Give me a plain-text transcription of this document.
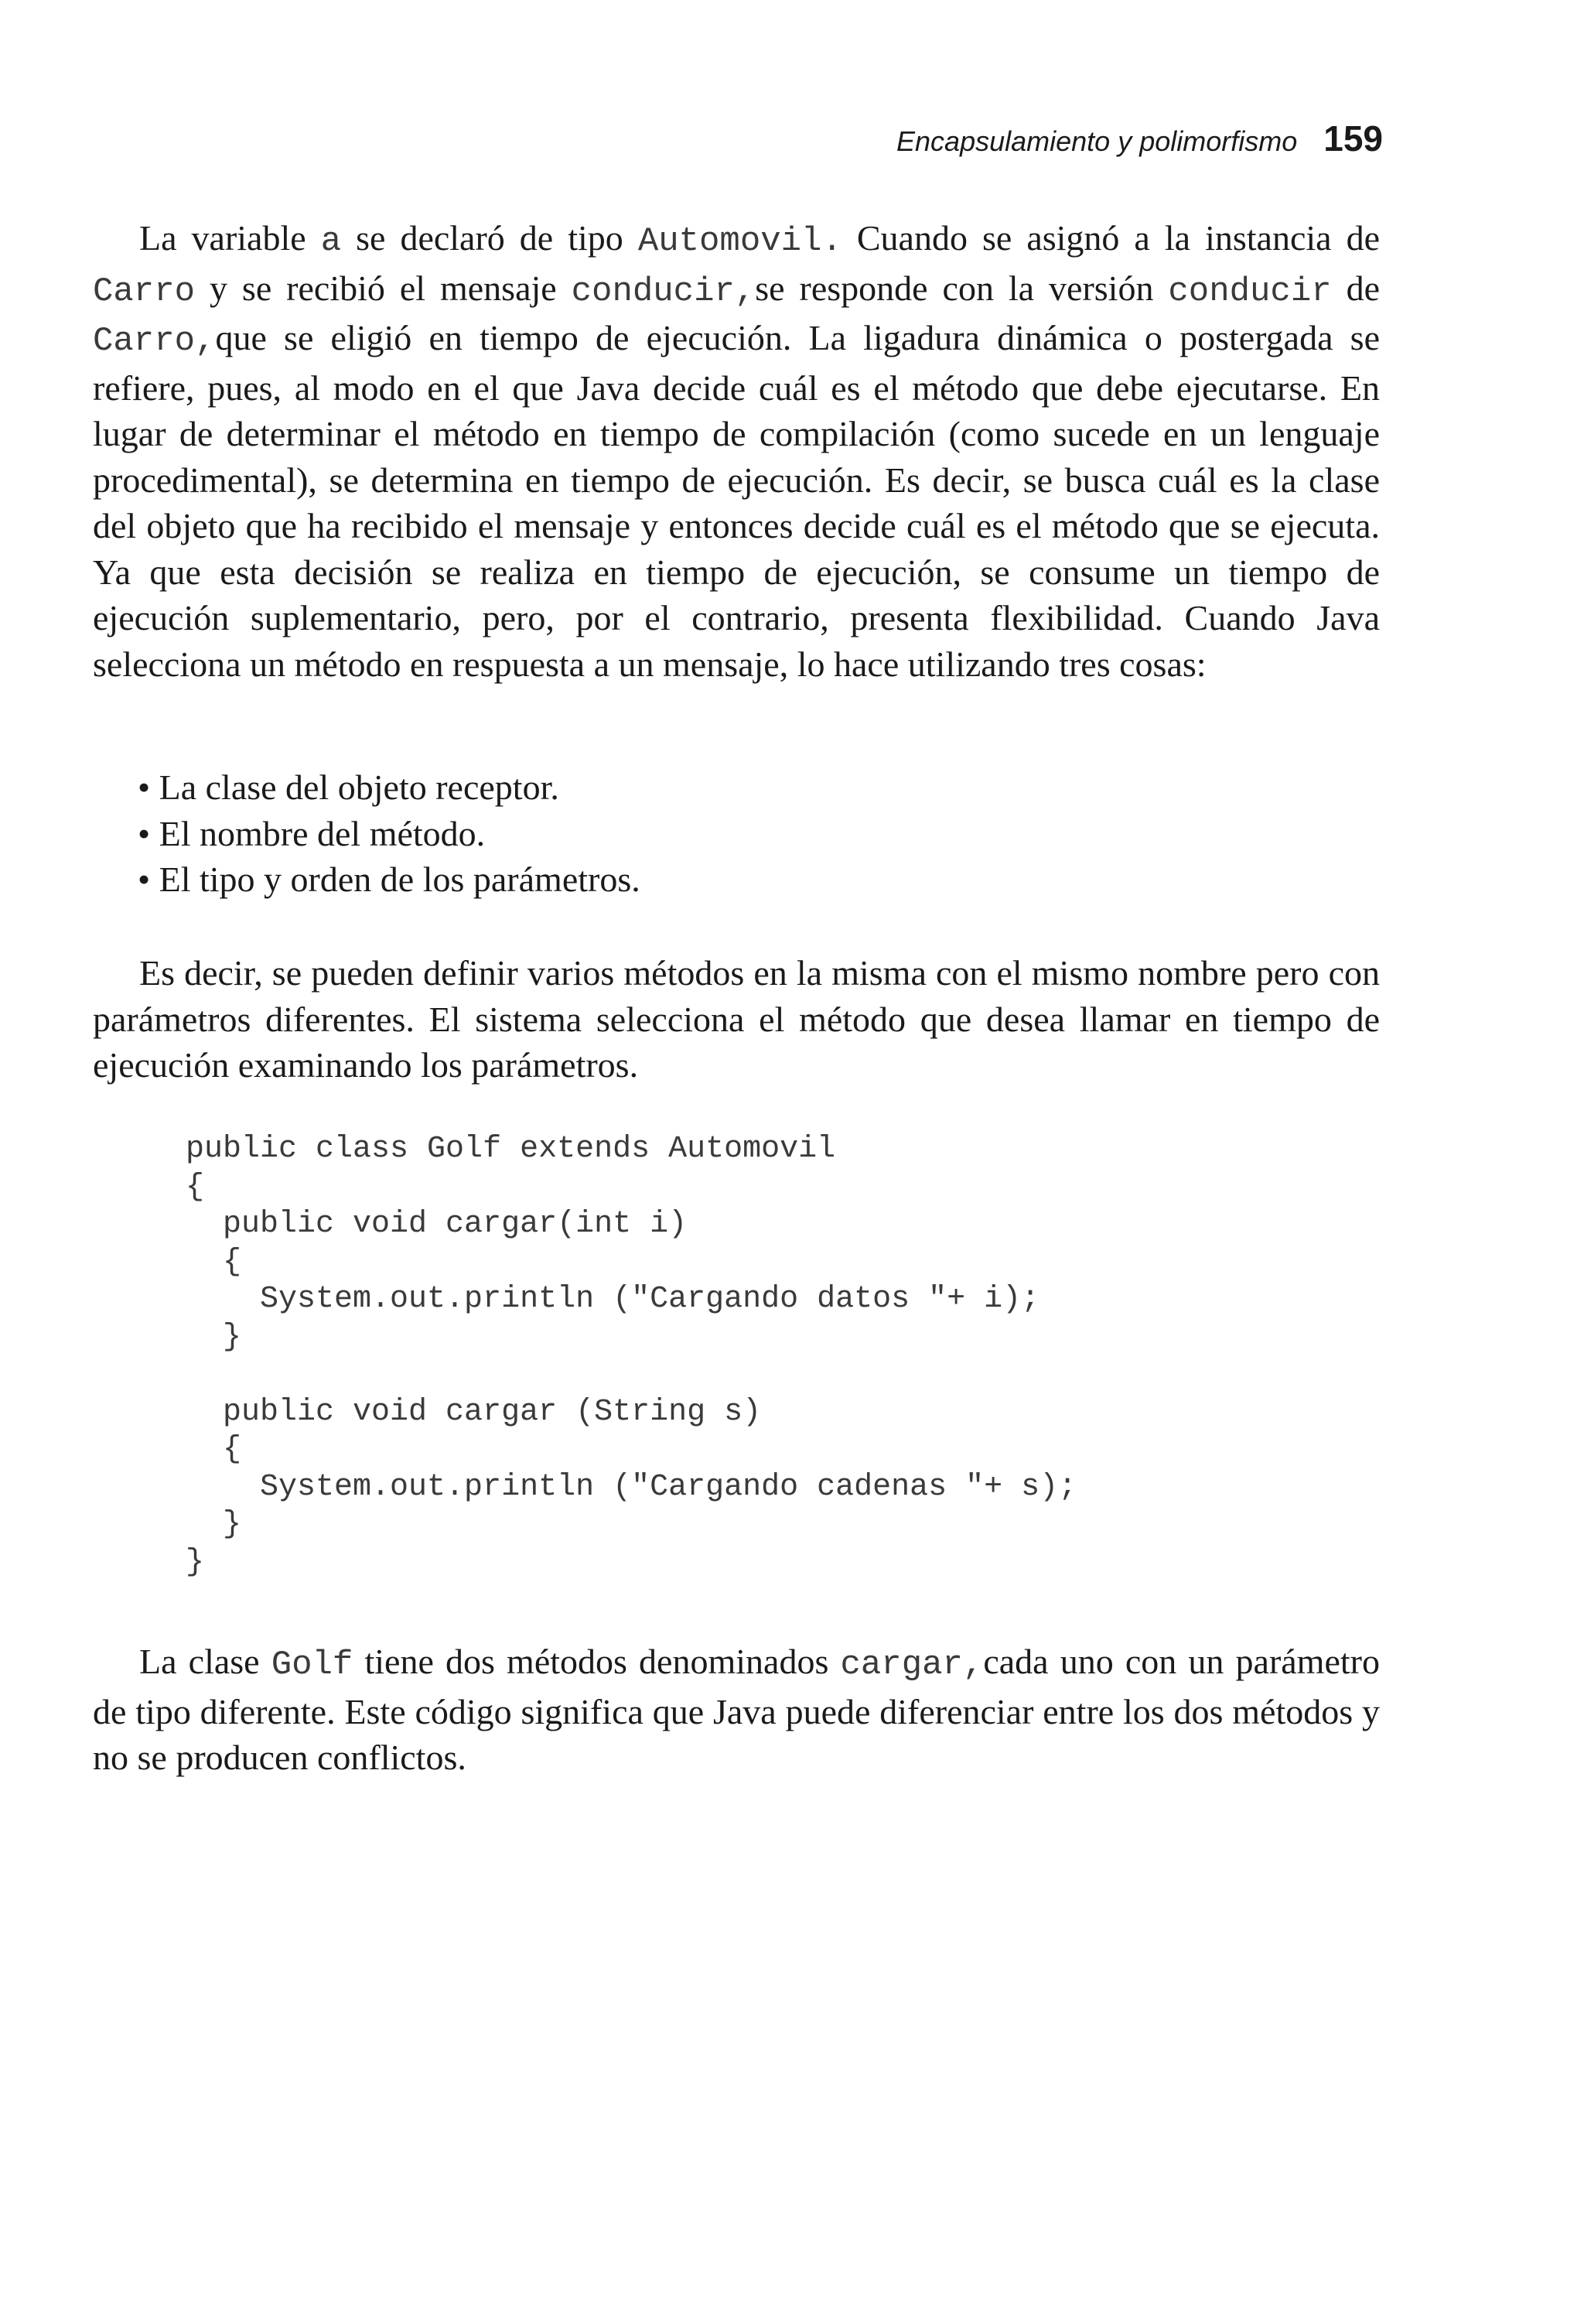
Encapsulamiento y polimorfismo 159

La variable a se declaró de tipo Automovil. Cuando se asignó a la instancia de Carro y se recibió el mensaje conducir,se responde con la versión conducir de Carro,que se eligió en tiempo de ejecución. La ligadura dinámica o postergada se refiere, pues, al modo en el que Java decide cuál es el método que debe ejecutarse. En lugar de determinar el método en tiempo de compilación (como sucede en un lenguaje procedimental), se determina en tiempo de ejecución. Es decir, se busca cuál es la clase del objeto que ha recibido el mensaje y entonces decide cuál es el método que se ejecuta. Ya que esta decisión se realiza en tiempo de ejecución, se consume un tiempo de ejecución suplementario, pero, por el contrario, presenta flexibilidad. Cuando Java selecciona un método en respuesta a un mensaje, lo hace utilizando tres cosas:

• La clase del objeto receptor.
• El nombre del método.
• El tipo y orden de los parámetros.

Es decir, se pueden definir varios métodos en la misma con el mismo nombre pero con parámetros diferentes. El sistema selecciona el método que desea llamar en tiempo de ejecución examinando los parámetros.

public class Golf extends Automovil
{
public void cargar(int i)
{
System.out.println ("Cargando datos "+ i);
}

public void cargar (String s)
{
System.out.println ("Cargando cadenas "+ s);
}
}

La clase Golf tiene dos métodos denominados cargar,cada uno con un parámetro de tipo diferente. Este código significa que Java puede diferenciar entre los dos métodos y no se producen conflictos.
